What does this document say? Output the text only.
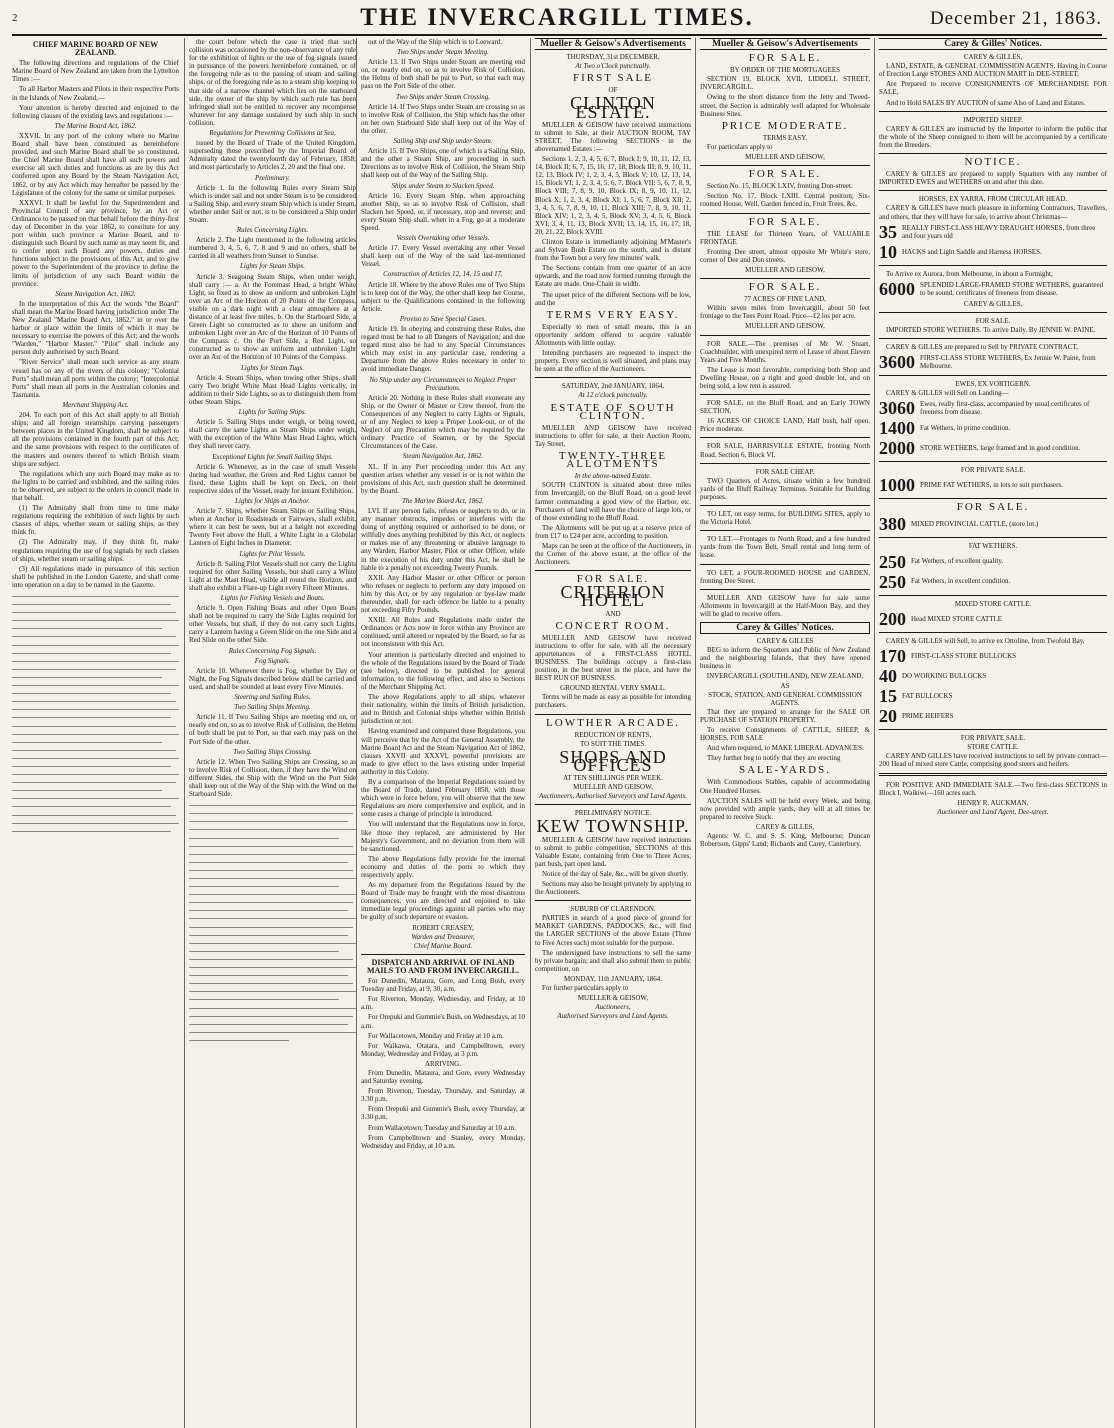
2	THE INVERCARGILL TIMES.	December 21, 1863.
CHIEF MARINE BOARD OF NEW ZEALAND.

The following directions and regulations of the Chief Marine Board of New Zealand are taken from the Lyttelton Times :—

To all Harbor Masters and Pilots in their respective Ports in the Islands of New Zealand,—

Your attention is hereby directed and enjoined to the following clauses of the existing laws and regulations :—

The Marine Board Act, 1862.

XXVII. In any port of the colony where no Marine Board shall have been constituted as hereinbefore provided, and such Marine Board shall be so constituted, the Chief Marine Board shall have all such powers and exercise all such duties and functions as are by this Act conferred upon any Board by the Steam Navigation Act, 1862, or by any Act which may hereafter be passed by the Legislature of the colony for the same or similar purposes.

XXXVI. It shall be lawful for the Superintendent and Provincial Council of any province, by an Act or Ordinance to be passed on that behalf before the thirty-first day of December in the year 1862, to constitute for any port within such province a Marine Board, and to distinguish such Board by such name as may seem fit, and to confer upon such Board any powers, duties and functions subject to the provisions of this Act, and to give power to the Superintendent of the province to define the limits of jurisdiction of any such Board within the province.

Steam Navigation Act, 1862.

In the interpretation of this Act the words "the Board" shall mean the Marine Board having jurisdiction under The New Zealand "Marine Board Act, 1862," in or over the harbor or place within the limits of which it may be necessary to exercise the powers of this Act; and the words "Warden," "Harbor Master," "Pilot" shall include any person duly authorised by such Board.

"River Service" shall mean such service as any steam vessel has on any of the rivers of this colony; "Colonial Ports" shall mean all ports within the colony; "Intercolonial Ports" shall mean all ports in the Australian colonies and Tasmania.

Merchant Shipping Act.

204. To each port of this Act shall apply to all British ships; and all foreign steamships carrying passengers between places in the United Kingdom, shall be subject to all the provisions contained in the fourth part of this Act; and the same provisions with respect to the certificates of the masters and owners thereof to which British steam ships are subject.

The regulations which any such Board may make as to the lights to be carried and exhibited, and the sailing rules to be observed, are subject to the orders in council made in that behalf.

(1) The Admiralty shall from time to time make regulations requiring the exhibition of such lights by such classes of ships, whether steam or sailing ships, as they think fit.

(2) The Admiralty may, if they think fit, make regulations requiring the use of fog signals by such classes of ships, whether steam or sailing ships.

(3) All regulations made in pursuance of this section shall be published in the London Gazette, and shall come into operation on a day to be named in the Gazette.

the court before which the case is tried that such collision was occasioned by the non-observance of any rule for the exhibition of lights or the use of fog signals issued in pursuance of the powers hereinbefore contained, or of the foregoing rule as to the passing of steam and sailing ships, or of the foregoing rule as to a steam ship keeping to that side of a narrow channel which lies on the starboard side, the owner of the ship by which such rule has been infringed shall not be entitled to recover any recompense whatever for any damage sustained by such ship in such collision.

Regulations for Preventing Collisions at Sea,

issued by the Board of Trade of the United Kingdom, superseding those prescribed by the Imperial Board of Admiralty dated the twentyfourth day of February, 1858; and most particularly to Articles 2, 20 and the final one.

Preliminary.

Article 1. In the following Rules every Steam Ship which is under sail and not under Steam is to be considered a Sailing Ship, and every steam Ship which is under Steam, whether under Sail or not, is to be considered a Ship under Steam.

Rules Concerning Lights.

Article 2. The Light mentioned in the following articles numbered 3, 4, 5, 6, 7, 8 and 9 and no others, shall be carried in all weathers from Sunset to Sunrise.

Lights for Steam Ships.

Article 3. Seagoing Steam Ships, when under weigh, shall carry :— a. At the Foremast Head, a bright White Light, so fixed as to show an uniform and unbroken Light over an Arc of the Horizon of 20 Points of the Compass, visible on a dark night with a clear atmosphere at a distance of at least five miles. b. On the Starboard Side, a Green Light so constructed as to show an uniform and unbroken Light over an Arc of the Horizon of 10 Points of the Compass. c. On the Port Side, a Red Light, so constructed as to show an uniform and unbroken Light over an Arc of the Horizon of 10 Points of the Compass.

Lights for Steam Tugs.

Article 4. Steam Ships, when towing other Ships, shall carry Two bright White Mast Head Lights vertically, in addition to their Side Lights, so as to distinguish them from other Steam Ships.

Lights for Sailing Ships.

Article 5. Sailing Ships under weigh, or being towed, shall carry the same Lights as Steam Ships under weigh, with the exception of the White Mast Head Lights, which they shall never carry.

Exceptional Lights for Small Sailing Ships.

Article 6. Whenever, as in the case of small Vessels during bad weather, the Green and Red Lights cannot be fixed, these Lights shall be kept on Deck, on their respective sides of the Vessel, ready for instant Exhibition.

Lights for Ships at Anchor.

Article 7. Ships, whether Steam Ships or Sailing Ships, when at Anchor in Roadsteads or Fairways, shall exhibit, where it can best be seen, but at a height not exceeding Twenty Feet above the Hull, a White Light in a Globular Lantern of Eight Inches in Diameter.

Lights for Pilot Vessels.

Article 8. Sailing Pilot Vessels shall not carry the Lights required for other Sailing Vessels, but shall carry a White Light at the Mast Head, visible all round the Horizon, and shall also exhibit a Flare-up Light every Fifteen Minutes.

Lights for Fishing Vessels and Boats.

Article 9. Open Fishing Boats and other Open Boats shall not be required to carry the Side Lights required for other Vessels, but shall, if they do not carry such Lights, carry a Lantern having a Green Slide on the one Side and a Red Slide on the other Side.

Rules Concerning Fog Signals.
Fog Signals.

Article 10. Whenever there is Fog, whether by Day or Night, the Fog Signals described below shall be carried and used, and shall be sounded at least every Five Minutes.

Steering and Sailing Rules.
Two Sailing Ships Meeting.

Article 11. If Two Sailing Ships are meeting end on, or nearly end on, so as to involve Risk of Collision, the Helms of both shall be put to Port, so that each may pass on the Port Side of the other.

Two Sailing Ships Crossing.

Article 12. When Two Sailing Ships are Crossing, so as to involve Risk of Collision, then, if they have the Wind on different Sides, the Ship with the Wind on the Port Side shall keep out of the Way of the Ship with the Wind on the Starboard Side.

out of the Way of the Ship which is to Leeward.

Two Ships under Steam Meeting.

Article 13. If Two Ships under Steam are meeting end on, or nearly end on, so as to involve Risk of Collision, the Helms of both shall be put to Port, so that each may pass on the Port Side of the other.

Two Ships under Steam Crossing.

Article 14. If Two Ships under Steam are crossing so as to involve Risk of Collision, the Ship which has the other on her own Starboard Side shall keep out of the Way of the other.

Sailing Ship and Ship under Steam.

Article 15. If Two Ships, one of which is a Sailing Ship, and the other a Steam Ship, are proceeding in such Directions as to involve Risk of Collision, the Steam Ship shall keep out of the Way of the Sailing Ship.

Ships under Steam to Slacken Speed.

Article 16. Every Steam Ship, when approaching another Ship, so as to involve Risk of Collision, shall Slacken her Speed, or, if necessary, stop and reverse; and every Steam Ship shall, when in a Fog, go at a moderate Speed.

Vessels Overtaking other Vessels.

Article 17. Every Vessel overtaking any other Vessel shall keep out of the Way of the said last-mentioned Vessel.

Construction of Articles 12, 14, 15 and 17.

Article 18. Where by the above Rules one of Two Ships is to keep out of the Way, the other shall keep her Course, subject to the Qualifications contained in the following Article.

Proviso to Save Special Cases.

Article 19. In obeying and construing these Rules, due regard must be had to all Dangers of Navigation; and due regard must also be had to any Special Circumstances which may exist in any particular case, rendering a Departure from the above Rules necessary in order to avoid immediate Danger.

No Ship under any Circumstances to Neglect Proper Precautions.

Article 20. Nothing in these Rules shall exonerate any Ship, or the Owner or Master or Crew thereof, from the Consequences of any Neglect to carry Lights or Signals, or of any Neglect to keep a Proper Look-out, or of the Neglect of any Precaution which may be required by the ordinary Practice of Seamen, or by the Special Circumstances of the Case.

Steam Navigation Act, 1862.

XL. If in any Port proceeding under this Act any question arises whether any vessel is or is not within the provisions of this Act, such question shall be determined by the Board.

The Marine Board Act, 1862.

LVI. If any person fails, refuses or neglects to do, or in any manner obstructs, impedes or interferes with the doing of anything required or authorised to be done, or willfully does anything prohibited by this Act, or neglects or makes use of any threatening or abusive language to any Warden, Harbor Master, Pilot or other Officer, while in the execution of his duty under this Act, he shall be liable to a penalty not exceeding Twenty Pounds.

XXII. Any Harbor Master or other Officer or person who refuses or neglects to perform any duty imposed on him by this Act, or by any regulation or bye-law made thereunder, shall for each offence be liable to a penalty not exceeding Fifty Pounds.

XXIII. All Rules and Regulations made under the Ordinances or Acts now in force within any Province are continued, until altered or repealed by the Board, so far as not inconsistent with this Act.

Your attention is particularly directed and enjoined to the whole of the Regulations issued by the Board of Trade (see below), directed to be published for general information, to the following effect, and also to Sections of the Merchant Shipping Act.

The above Regulations apply to all ships, whatever their nationality, within the limits of British jurisdiction, and to British and Colonial ships whether within British jurisdiction or not.

Having examined and compared these Regulations, you will perceive that by the Act of the General Assembly, the Marine Board Act and the Steam Navigation Act of 1862, clauses XXVII and XXXVI, powerful provisions are made to give effect to the laws existing under Imperial authority in this Colony.

By a comparison of the Imperial Regulations issued by the Board of Trade, dated February 1858, with those which were in force before, you will observe that the new Regulations are more comprehensive and explicit, and in some cases a change of principle is introduced.

You will understand that the Regulations now in force, like those they replaced, are administered by Her Majesty's Government, and no deviation from them will be sanctioned.

The above Regulations fully provide for the internal economy and duties of the ports to which they respectively apply.

As my departure from the Regulations issued by the Board of Trade may be fraught with the most disastrous consequences, you are directed and enjoined to take immediate legal proceedings against all parties who may be guilty of such departure or evasion.

ROBERT CREASEY,
Warden and Treasurer,
Chief Marine Board.
DISPATCH AND ARRIVAL OF INLAND MAILS TO AND FROM INVERCARGILL.

For Dunedin, Mataura, Gore, and Long Bush, every Tuesday and Friday, at 9, 30, a.m.

For Riverton, Monday, Wednesday, and Friday, at 10 a.m.

For Orepuki and Gummie's Bush, on Wednesdays, at 10 a.m.

For Wallacetown, Monday and Friday at 10 a.m.

For Waikawa, Otatara, and Campbelltown, every Monday, Wednesday and Friday, at 3 p.m.

ARRIVING.

From Dunedin, Mataura, and Gore, every Wednesday and Saturday evening.

From Riverton, Tuesday, Thursday, and Saturday, at 3.30 p.m.

From Orepuki and Gummie's Bush, every Thursday, at 3.30 p.m.

From Wallacetown, Tuesday and Saturday at 10 a.m.

From Campbelltown and Stanley, every Monday, Wednesday and Friday, at 10 a.m.

Mueller & Geisow's Advertisements
THURSDAY, 31st DECEMBER,
At Two o'Clock punctually.
FIRST SALE
OF
CLINTON ESTATE.

MUELLER & GEISOW have received instructions to submit to Sale, at their AUCTION ROOM, TAY STREET, The following SECTIONS in the abovenamed Estates :—

Sections 1, 2, 3, 4, 5, 6, 7, Block I; 9, 10, 11, 12, 13, 14, Block II; 6, 7, 15, 16, 17, 18, Block III; 8, 9, 10, 11, 12, 13, Block IV; 1, 2, 3, 4, 5, Block V; 10, 12, 13, 14, 15, Block VI; 1, 2, 3, 4, 5, 6, 7, Block VII; 5, 6, 7, 8, 9, Block VIII; 7, 8, 9, 10, Block IX; 8, 9, 10, 11, 12, Block X; 1, 2, 3, 4, Block XI; 1, 5, 6, 7, Block XII; 2, 3, 4, 5, 6, 7, 8, 9, 10, 11, Block XIII; 7, 8, 9, 10, 11, Block XIV; 1, 2, 3, 4, 5, Block XV; 3, 4, 5, 6, Block XVI; 3, 4, 11, 13, Block XVII; 13, 14, 15, 16, 17, 18, 20, 21, 22, Block XVIII.

Clinton Estate is immediately adjoining M'Master's and Sylvan Bush Estate on the south, and is distant from the Town but a very few minutes' walk.

The Sections contain from one quarter of an acre upwards, and the road now formed running through the Estate are made. One-Chain in width.

The upset price of the different Sections will be low, and the

TERMS VERY EASY.

Especially to men of small means, this is an opportunity seldom offered to acquire valuable Allotments with little outlay.

Intending purchasers are requested to inspect the property. Every section is well situated, and plans may be seen at the office of the Auctioneers.

SATURDAY, 2nd JANUARY, 1864,
At 12 o'clock punctually.
ESTATE OF SOUTH CLINTON.

MUELLER AND GEISOW have received instructions to offer for sale, at their Auction Room, Tay Street,

TWENTY-THREE ALLOTMENTS
In the above-named Estate.

SOUTH CLINTON is situated about three miles from Invercargill, on the Bluff Road, on a good level farmer commanding a good view of the Harbor, etc. Purchasers of land will have the choice of large lots, or of those extending to the Bluff Road.

The Allotments will be put up at a reserve price of from £17 to £24 per acre, according to position.

Maps can be seen at the office of the Auctioneers, in the Corner of the above estate, at the office of the Auctioneers.

FOR SALE.
CRITERION HOTEL
AND
CONCERT ROOM.

MUELLER AND GEISOW have received instructions to offer for sale, with all the necessary appurtenances of a FIRST-CLASS HOTEL BUSINESS. The buildings occupy a first-class position, in the best street in the place, and have the BEST RUN OF BUSINESS.

GROUND RENTAL VERY SMALL.

Terms will be made as easy as possible for intending purchasers.

LOWTHER ARCADE.
REDUCTION OF RENTS,
TO SUIT THE TIMES.
SHOPS AND OFFICES
AT TEN SHILLINGS PER WEEK.
MUELLER AND GEISOW,
Auctioneers, Authorised Surveyors and Land Agents.
PRELIMINARY NOTICE.
KEW TOWNSHIP.

MUELLER & GEISOW have received instructions to submit to public competition, SECTIONS of this Valuable Estate, containing from One to Three Acres, part bush, part open land.

Notice of the day of Sale, &c., will be given shortly.

Sections may also be bought privately by applying to the Auctioneers.

SUBURB OF CLARENDON.

PARTIES in search of a good piece of ground for MARKET GARDENS, PADDOCKS, &c., will find the LARGER SECTIONS of the above Estate (Three to Five Acres each) most suitable for the purpose.

The undersigned have instructions to sell the same by private bargain; and shall also submit them to public competition, on

MONDAY, 11th JANUARY, 1864.

For further particulars apply to

MUELLER & GEISOW,
Auctioneers,
Authorised Surveyors and Land Agents.
Mueller & Geisow's Advertisements
FOR SALE.
BY ORDER OF THE MORTGAGEES

SECTION 19, BLOCK XVII, LIDDELL STREET, INVERCARGILL.

Owing to the short distance from the Jetty and Tweed-street, the Section is admirably well adapted for Wholesale Business Sites.

PRICE MODERATE.
TERMS EASY.

For particulars apply to

MUELLER AND GEISOW,
FOR SALE.

Section No. 15, BLOCK LXIV, fronting Don-street.

Section No. 17, Block LXIII. Central position; Six-roomed House, Well, Garden fenced in, Fruit Trees, &c.

FOR SALE.

THE LEASE for Thirteen Years, of VALUABLE FRONTAGE

Fronting Dee street, almost opposite Mr White's store, corner of Dee and Don streets.

MUELLER AND GEISOW,
FOR SALE.
77 ACRES OF FINE LAND,

Within seven miles from Invercargill, about 50 feet frontage to the Tees Point Road. Price—£2 los per acre.

MUELLER AND GEISOW,

FOR SALE.—The premises of Mr W. Stuart, Coachbuilder, with unexpired term of Lease of about Eleven Years and Five Months.

The Lease is most favorable, comprising both Shop and Dwelling House, on a right and good double lot, and on being sold, a low rent is assured.

FOR SALE, on the Bluff Road, and an Early TOWN SECTION,

16 ACRES OF CHOICE LAND, Half bush, half open. Price moderate.

FOR SALE, HARRISVILLE ESTATE, fronting North Road. Section 6, Block VI.

FOR SALE CHEAP.

TWO Quarters of Acres, situate within a few hundred yards of the Bluff Railway Terminus. Suitable for Building purposes.

TO LET, on easy terms, for BUILDING SITES, apply to the Victoria Hotel.

TO LET.—Frontages to North Road, and a few hundred yards from the Town Belt. Small rental and long term of lease.

TO LET, a FOUR-ROOMED HOUSE and GARDEN, fronting Dee Street.

MUELLER AND GEISOW have for sale some Allotments in Invercargill at the Half-Moon Bay, and they will be glad to receive offers.

Carey & Gilles' Notices.
CAREY & GILLES

BEG to inform the Squatters and Public of New Zealand and the neighbouring Islands, that they have opened business in

INVERCARGILL (SOUTHLAND), NEW ZEALAND,
AS
STOCK, STATION, AND GENERAL COMMISSION AGENTS.

That they are prepared to arrange for the SALE OR PURCHASE OF STATION PROPERTY.

To receive Consignments of CATTLE, SHEEP, & HORSES, FOR SALE

And when required, to MAKE LIBERAL ADVANCES.

They further beg to notify that they are erecting

SALE-YARDS.

With Commodious Stables, capable of accommodating One Hundred Horses.

AUCTION SALES will be held every Week, and being now provided with ample yards, they will at all times be prepared to receive Stock.

CAREY & GILLES,

Agents: W. C. and S. S. King, Melbourne; Duncan Robertson, Gipps' Land; Richards and Carey, Canterbury.

Carey & Gilles' Notices.
CAREY & GILLES,

LAND, ESTATE, & GENERAL COMMISSION AGENTS, Having in Course of Erection Large STORES AND AUCTION MART In DEE-STREET,

Are Prepared to receive CONSIGNMENTS OF MERCHANDISE FOR SALE,

And to Hold SALES BY AUCTION of same Also of Land and Estates.

IMPORTED SHEEP.

CAREY & GILLES are instructed by the Importer to inform the public that the whole of the Sheep consigned to them will be accompanied by a certificate from the Breeders.

NOTICE.

CAREY & GILLES are prepared to supply Squatters with any number of IMPORTED EWES and WETHERS on and after this date.

HORSES, EX YARRA, FROM CIRCULAR HEAD.

CAREY & GILLES have much pleasure in informing Contractors, Travellers, and others, that they will have for sale, to arrive about Christmas—

35 REALLY FIRST-CLASS HEAVY DRAUGHT HORSES, from three and four years old
10 HACKS and Light Saddle and Harness HORSES.

To Arrive ex Aurora, from Melbourne, in about a Fortnight,

6000 SPLENDID LARGE-FRAMED STORE WETHERS, guaranteed to be sound, certificates of freeness from disease.
CAREY & GILLES,
FOR SALE.

IMPORTED STORE WETHERS. To arrive Daily. By JENNIE W. PAINE.

CAREY & GILLES are prepared to Sell by PRIVATE CONTRACT,

3600 FIRST-CLASS STORE WETHERS, Ex Jennie W. Paine, from Melbourne.
EWES, EX VORTIGERN.

CAREY & GILLES will Sell on Landing—

3060 Ewes, really first-class, accompanied by usual certificates of freeness from disease.
1400 Fat Wethers, in prime condition.
2000 STORE WETHERS, large framed and in good condition.
FOR PRIVATE SALE.
1000 PRIME FAT WETHERS, in lots to suit purchasers.
FOR SALE.
380 MIXED PROVINCIAL CATTLE, (store lot.)
FAT WETHERS.
250 Fat Wethers, of excellent quality.
250 Fat Wethers, in excellent condition.
MIXED STORE CATTLE.
200 Head MIXED STORE CATTLE

CAREY & GILLES will Sell, to arrive ex Ottoline, from Twofold Bay,

170 FIRST-CLASS STORE BULLOCKS
40 DO WORKING BULLOCKS
15 FAT BULLOCKS
20 PRIME HEIFERS
FOR PRIVATE SALE.
STORE CATTLE.

CAREY AND GILLES have received instructions to sell by private contract— 200 Head of mixed store Cattle, comprising good steers and heifers.

FOR POSITIVE AND IMMEDIATE SALE.—Two first-class SECTIONS in Block I, Waikiwi—160 acres each.

HENRY R. AUCKMAN,
Auctioneer and Land Agent, Dee-street.
